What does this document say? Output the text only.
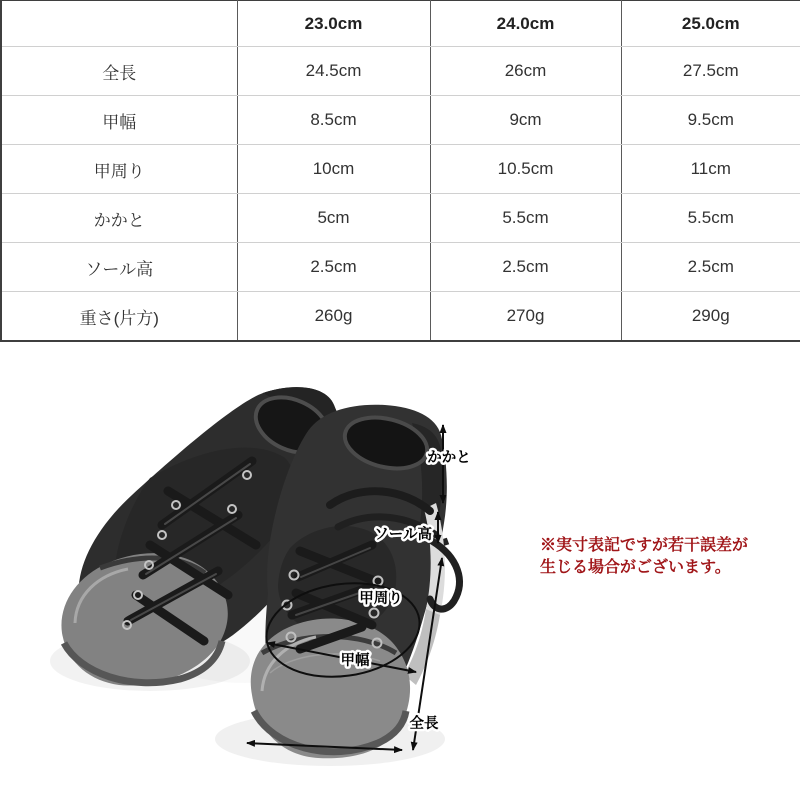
	23.0cm	24.0cm	25.0cm
全長	24.5cm	26cm	27.5cm
甲幅	8.5cm	9cm	9.5cm
甲周り	10cm	10.5cm	11cm
かかと	5cm	5.5cm	5.5cm
ソール高	2.5cm	2.5cm	2.5cm
重さ(片方)	260g	270g	290g
かかと
ソール高
甲周り
甲幅
全長
※実寸表記ですが若干誤差が
生じる場合がございます。
